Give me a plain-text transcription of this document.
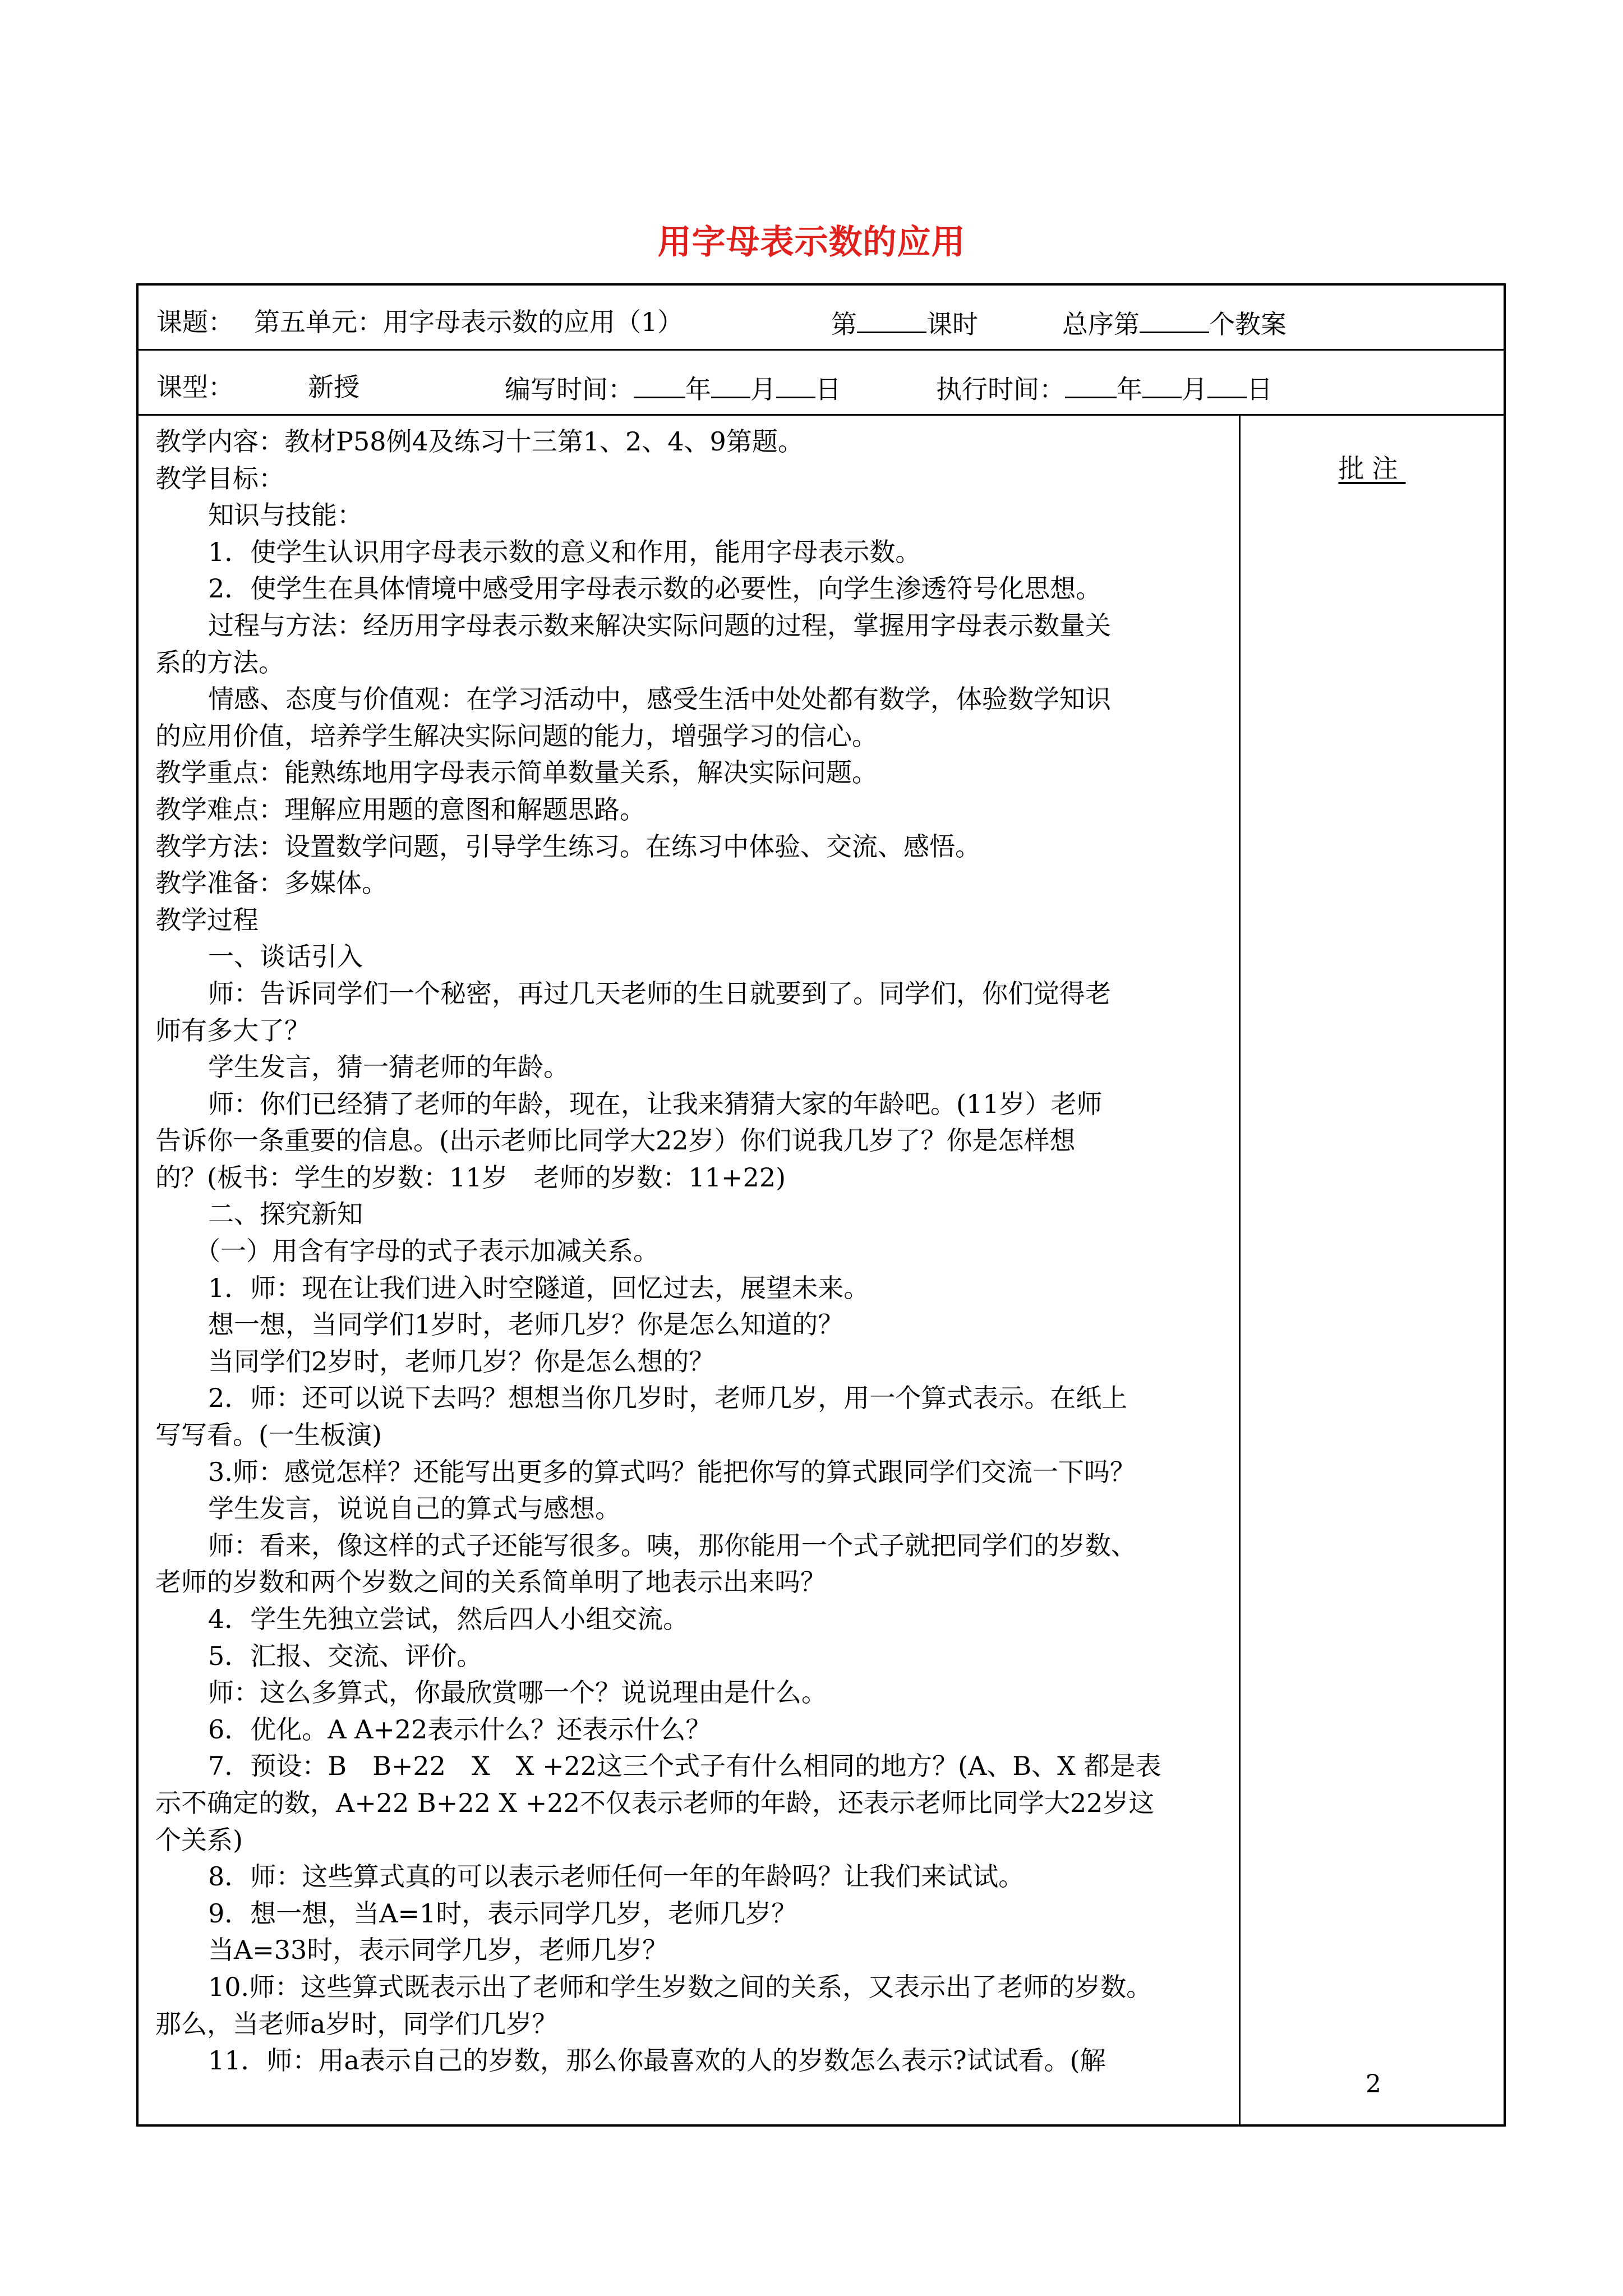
用字母表示数的应用
课题： 第五单元：用字母表示数的应用（1）	第	课时	总序第	个教案
课型：	新授	编写时间： 年 月 日	执行时间： 年 月 日
教学内容：教材P58例4及练习十三第1、2、4、9第题。
教学目标：
知识与技能：
1．使学生认识用字母表示数的意义和作用，能用字母表示数。
2．使学生在具体情境中感受用字母表示数的必要性，向学生渗透符号化思想。
过程与方法：经历用字母表示数来解决实际问题的过程，掌握用字母表示数量关
系的方法。
情感、态度与价值观：在学习活动中，感受生活中处处都有数学，体验数学知识
的应用价值，培养学生解决实际问题的能力，增强学习的信心。
教学重点：能熟练地用字母表示简单数量关系，解决实际问题。
教学难点：理解应用题的意图和解题思路。
教学方法：设置数学问题，引导学生练习。在练习中体验、交流、感悟。
教学准备：多媒体。
教学过程
一、谈话引入
师：告诉同学们一个秘密，再过几天老师的生日就要到了。同学们，你们觉得老
师有多大了？
学生发言，猜一猜老师的年龄。
师：你们已经猜了老师的年龄，现在，让我来猜猜大家的年龄吧。(11岁）老师
告诉你一条重要的信息。(出示老师比同学大22岁）你们说我几岁了？你是怎样想
的？(板书：学生的岁数：11岁　老师的岁数：11+22)
二、探究新知
（一）用含有字母的式子表示加减关系。
1．师：现在让我们进入时空隧道，回忆过去，展望未来。
想一想，当同学们1岁时，老师几岁？你是怎么知道的？
当同学们2岁时，老师几岁？你是怎么想的？
2．师：还可以说下去吗？想想当你几岁时，老师几岁，用一个算式表示。在纸上
写写看。(一生板演)
3.师：感觉怎样？还能写出更多的算式吗？能把你写的算式跟同学们交流一下吗？
学生发言，说说自己的算式与感想。
师：看来，像这样的式子还能写很多。咦，那你能用一个式子就把同学们的岁数、
老师的岁数和两个岁数之间的关系简单明了地表示出来吗？
4．学生先独立尝试，然后四人小组交流。
5．汇报、交流、评价。
师：这么多算式，你最欣赏哪一个？说说理由是什么。
6．优化。A A+22表示什么？还表示什么？
7．预设：B　B+22　X　X +22这三个式子有什么相同的地方？(A、B、X 都是表
示不确定的数，A+22 B+22 X +22不仅表示老师的年龄，还表示老师比同学大22岁这
个关系)
8．师：这些算式真的可以表示老师任何一年的年龄吗？让我们来试试。
9．想一想，当A=1时，表示同学几岁，老师几岁？
当A=33时，表示同学几岁，老师几岁？
10.师：这些算式既表示出了老师和学生岁数之间的关系，又表示出了老师的岁数。
那么，当老师a岁时，同学们几岁？
11．师：用a表示自己的岁数，那么你最喜欢的人的岁数怎么表示?试试看。(解
批注
2
